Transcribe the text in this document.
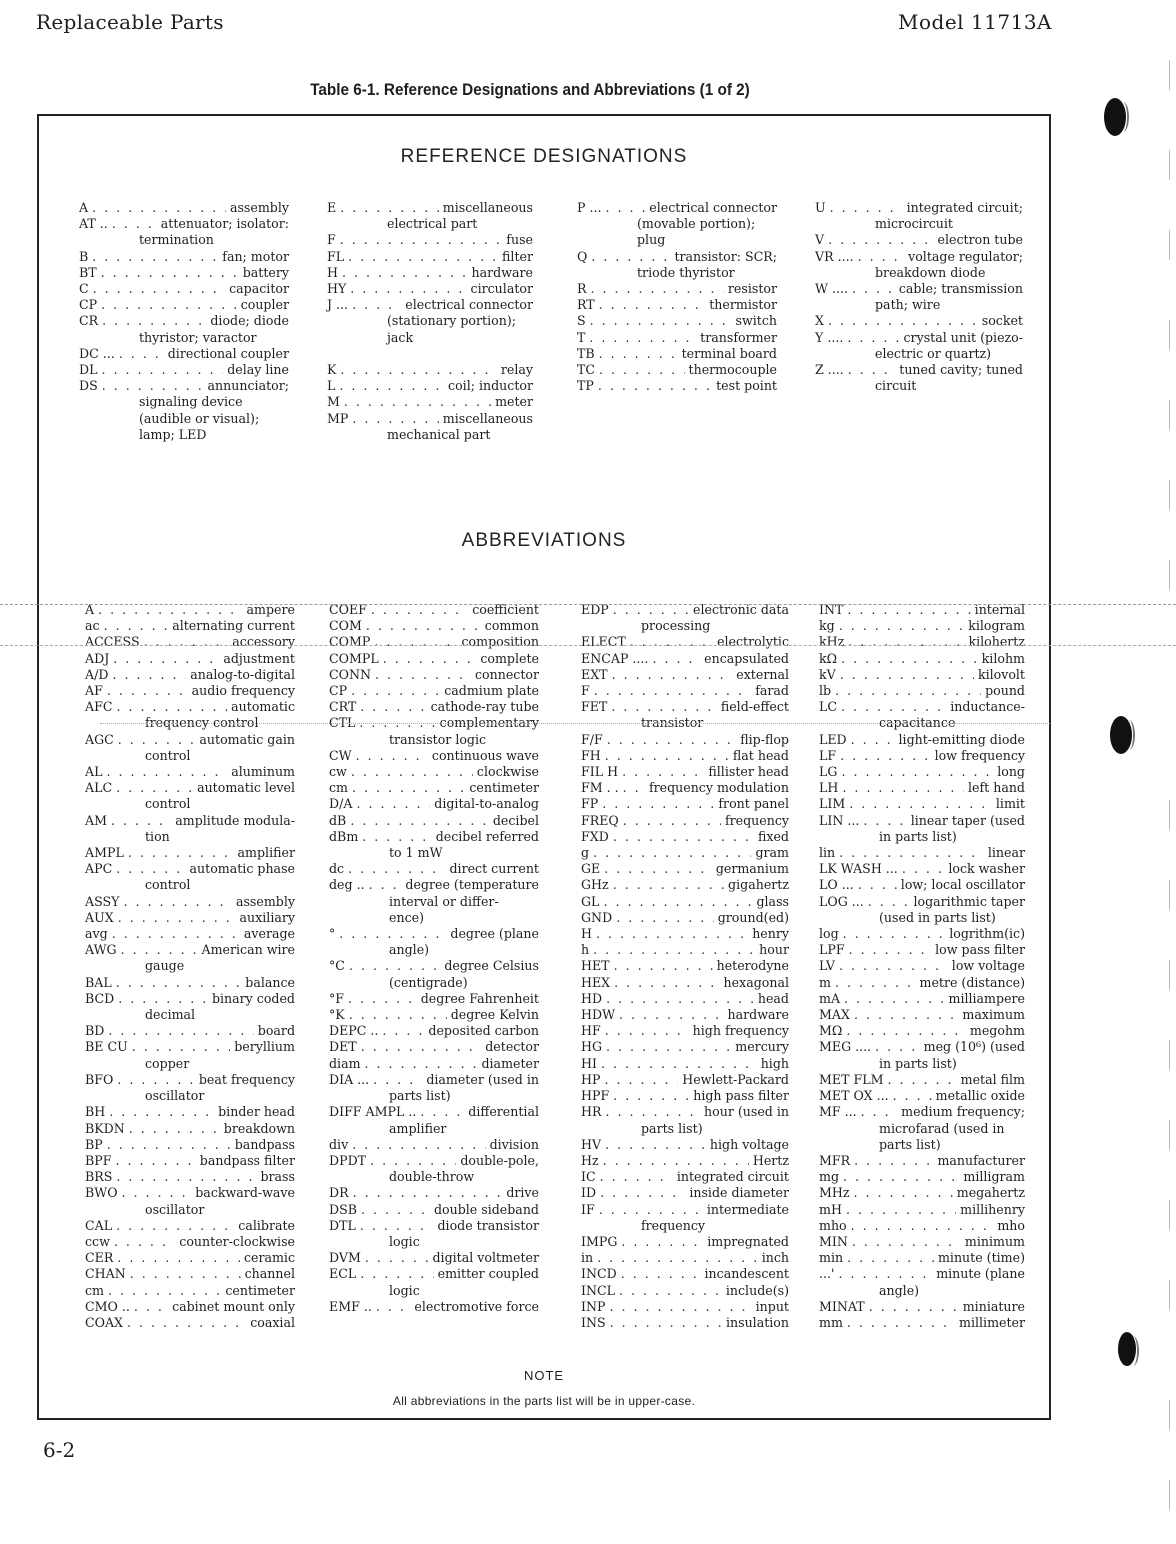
Replaceable Parts	Model 11713A
Table 6-1. Reference Designations and Abbreviations (1 of 2)
REFERENCE DESIGNATIONS
A . . .	assembly
AT .. . . .	attenuator; isolator:
termination
B . . .	fan; motor
BT . . .	battery
C . . .	capacitor
CP . . .	coupler
CR . . .	diode; diode
thyristor; varactor
DC ... . . .	directional coupler
DL . . .	delay line
DS . . .	annunciator;
signaling device
(audible or visual);
lamp; LED
E . . .	miscellaneous
electrical part
F . . .	fuse
FL . . .	filter
H . . .	hardware
HY . . .	circulator
J ... . . .	electrical connector
(stationary portion);
jack

K . . .	relay
L . . .	coil; inductor
M . . .	meter
MP . . .	miscellaneous
mechanical part
P ... . . .	electrical connector
(movable portion);
plug
Q . . .	transistor: SCR;
triode thyristor
R . . .	resistor
RT . . .	thermistor
S . . .	switch
T . . .	transformer
TB . . .	terminal board
TC . . .	thermocouple
TP . . .	test point
U . . .	integrated circuit;
microcircuit
V . . .	electron tube
VR .... . . .	voltage regulator;
breakdown diode
W .... . . .	cable; transmission
path; wire
X . . .	socket
Y .... . . .	crystal unit (piezo-
electric or quartz)
Z .... . . .	tuned cavity; tuned
circuit
ABBREVIATIONS
A . . .	ampere
ac . . .	alternating current
ACCESS . . .	accessory
ADJ . . .	adjustment
A/D . . .	analog-to-digital
AF . . .	audio frequency
AFC . . .	automatic
frequency control
AGC . . .	automatic gain
control
AL . . .	aluminum
ALC . . .	automatic level
control
AM . . .	amplitude modula-
tion
AMPL . . .	amplifier
APC . . .	automatic phase
control
ASSY . . .	assembly
AUX . . .	auxiliary
avg . . .	average
AWG . . .	American wire
gauge
BAL . . .	balance
BCD . . .	binary coded
decimal
BD . . .	board
BE CU . . .	beryllium
copper
BFO . . .	beat frequency
oscillator
BH . . .	binder head
BKDN . . .	breakdown
BP . . .	bandpass
BPF . . .	bandpass filter
BRS . . .	brass
BWO . . .	backward-wave
oscillator
CAL . . .	calibrate
ccw . . .	counter-clockwise
CER . . .	ceramic
CHAN . . .	channel
cm . . .	centimeter
CMO .. . . .	cabinet mount only
COAX . . .	coaxial
COEF . . .	coefficient
COM . . .	common
COMP . . .	composition
COMPL . . .	complete
CONN . . .	connector
CP . . .	cadmium plate
CRT . . .	cathode-ray tube
CTL . . .	complementary
transistor logic
CW . . .	continuous wave
cw . . .	clockwise
cm . . .	centimeter
D/A . . .	digital-to-analog
dB . . .	decibel
dBm . . .	decibel referred
to 1 mW
dc . . .	direct current
deg .. . . .	degree (temperature
interval or differ-
ence)
° . . .	degree (plane
angle)
°C . . .	degree Celsius
(centigrade)
°F . . .	degree Fahrenheit
°K . . .	degree Kelvin
DEPC .. . . .	deposited carbon
DET . . .	detector
diam . . .	diameter
DIA ... . . .	diameter (used in
parts list)
DIFF AMPL .. . . .	differential
amplifier
div . . .	division
DPDT . . .	double-pole,
double-throw
DR . . .	drive
DSB . . .	double sideband
DTL . . .	diode transistor
logic
DVM . . .	digital voltmeter
ECL . . .	emitter coupled
logic
EMF .. . . .	electromotive force
EDP . . .	electronic data
processing
ELECT . . .	electrolytic
ENCAP .... . . .	encapsulated
EXT . . .	external
F . . .	farad
FET . . .	field-effect
transistor
F/F . . .	flip-flop
FH . . .	flat head
FIL H . . .	fillister head
FM . . . . .	frequency modulation
FP . . .	front panel
FREQ . . .	frequency
FXD . . .	fixed
g . . .	gram
GE . . .	germanium
GHz . . .	gigahertz
GL . . .	glass
GND . . .	ground(ed)
H . . .	henry
h . . .	hour
HET . . .	heterodyne
HEX . . .	hexagonal
HD . . .	head
HDW . . .	hardware
HF . . .	high frequency
HG . . .	mercury
HI . . .	high
HP . . .	Hewlett-Packard
HPF . . .	high pass filter
HR . . .	hour (used in
parts list)
HV . . .	high voltage
Hz . . .	Hertz
IC . . .	integrated circuit
ID . . .	inside diameter
IF . . .	intermediate
frequency
IMPG . . .	impregnated
in . . .	inch
INCD . . .	incandescent
INCL . . .	include(s)
INP . . .	input
INS . . .	insulation
INT . . .	internal
kg . . .	kilogram
kHz . . .	kilohertz
kΩ . . .	kilohm
kV . . .	kilovolt
lb . . .	pound
LC . . .	inductance-
capacitance
LED . . .	light-emitting diode
LF . . .	low frequency
LG . . .	long
LH . . .	left hand
LIM . . .	limit
LIN ... . . .	linear taper (used
in parts list)
lin . . .	linear
LK WASH ... . . .	lock washer
LO ... . . .	low; local oscillator
LOG ... . . .	logarithmic taper
(used in parts list)
log . . .	logrithm(ic)
LPF . . .	low pass filter
LV . . .	low voltage
m . . .	metre (distance)
mA . . .	milliampere
MAX . . .	maximum
MΩ . . .	megohm
MEG .... . . .	meg (10⁶) (used
in parts list)
MET FLM . . .	metal film
MET OX ... . . .	metallic oxide
MF ... . . .	medium frequency;
microfarad (used in
parts list)
MFR . . .	manufacturer
mg . . .	milligram
MHz . . .	megahertz
mH . . .	millihenry
mho . . .	mho
MIN . . .	minimum
min . . .	minute (time)
...' . . .	minute (plane
angle)
MINAT . . .	miniature
mm . . .	millimeter
NOTE
All abbreviations in the parts list will be in upper-case.
6-2
